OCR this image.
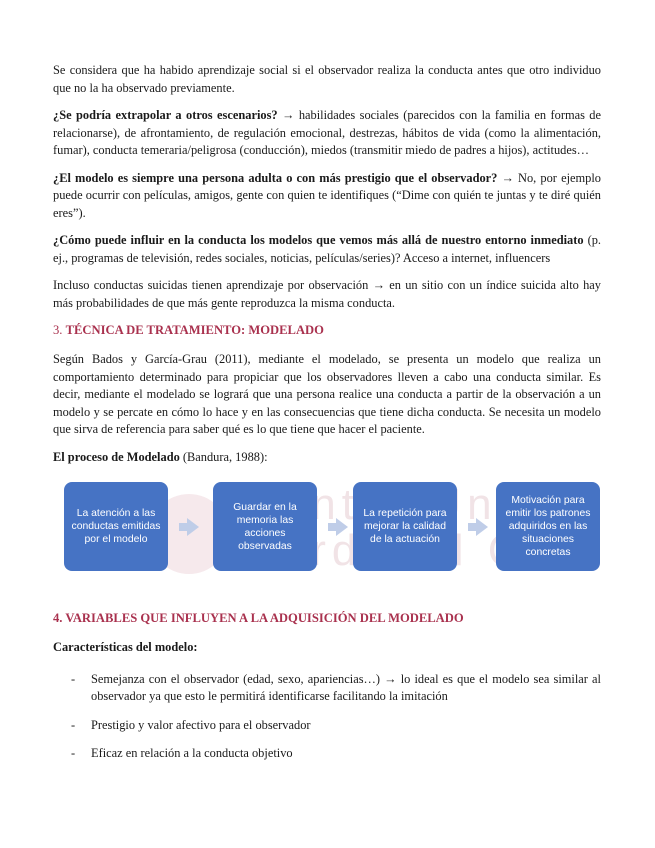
Se considera que ha habido aprendizaje social si el observador realiza la conducta antes que otro individuo que no la ha observado previamente.

¿Se podría extrapolar a otros escenarios? → habilidades sociales (parecidos con la familia en formas de relacionarse), de afrontamiento, de regulación emocional, destrezas, hábitos de vida (como la alimentación, fumar), conducta temeraria/peligrosa (conducción), miedos (transmitir miedo de padres a hijos), actitudes…

¿El modelo es siempre una persona adulta o con más prestigio que el observador? → No, por ejemplo puede ocurrir con películas, amigos, gente con quien te identifiques (“Dime con quién te juntas y te diré quién eres”).

¿Cómo puede influir en la conducta los modelos que vemos más allá de nuestro entorno inmediato (p. ej., programas de televisión, redes sociales, noticias, películas/series)? Acceso a internet, influencers

Incluso conductas suicidas tienen aprendizaje por observación → en un sitio con un índice suicida alto hay más probabilidades de que más gente reproduzca la misma conducta.

3. TÉCNICA DE TRATAMIENTO: MODELADO

Según Bados y García-Grau (2011), mediante el modelado, se presenta un modelo que realiza un comportamiento determinado para propiciar que los observadores lleven a cabo una conducta similar. Es decir, mediante el modelado se logrará que una persona realice una conducta a partir de la observación a un modelo y se percate en cómo lo hace y en las consecuencias que tiene dicha conducta. Se necesita un modelo que sirva de referencia para saber qué es lo que tiene que hacer el paciente.

El proceso de Modelado (Bandura, 1988):

Centro
La atención a las conductas emitidas por el modelo
Guardar en la memoria las acciones observadas
La repetición para mejorar la calidad de la actuación
Motivación para emitir los patrones adquiridos en las situaciones concretas
4. VARIABLES QUE INFLUYEN A LA ADQUISICIÓN DEL MODELADO

Características del modelo:

- Semejanza con el observador (edad, sexo, apariencias…) → lo ideal es que el modelo sea similar al observador ya que esto le permitirá identificarse facilitando la imitación
- Prestigio y valor afectivo para el observador
- Eficaz en relación a la conducta objetivo
